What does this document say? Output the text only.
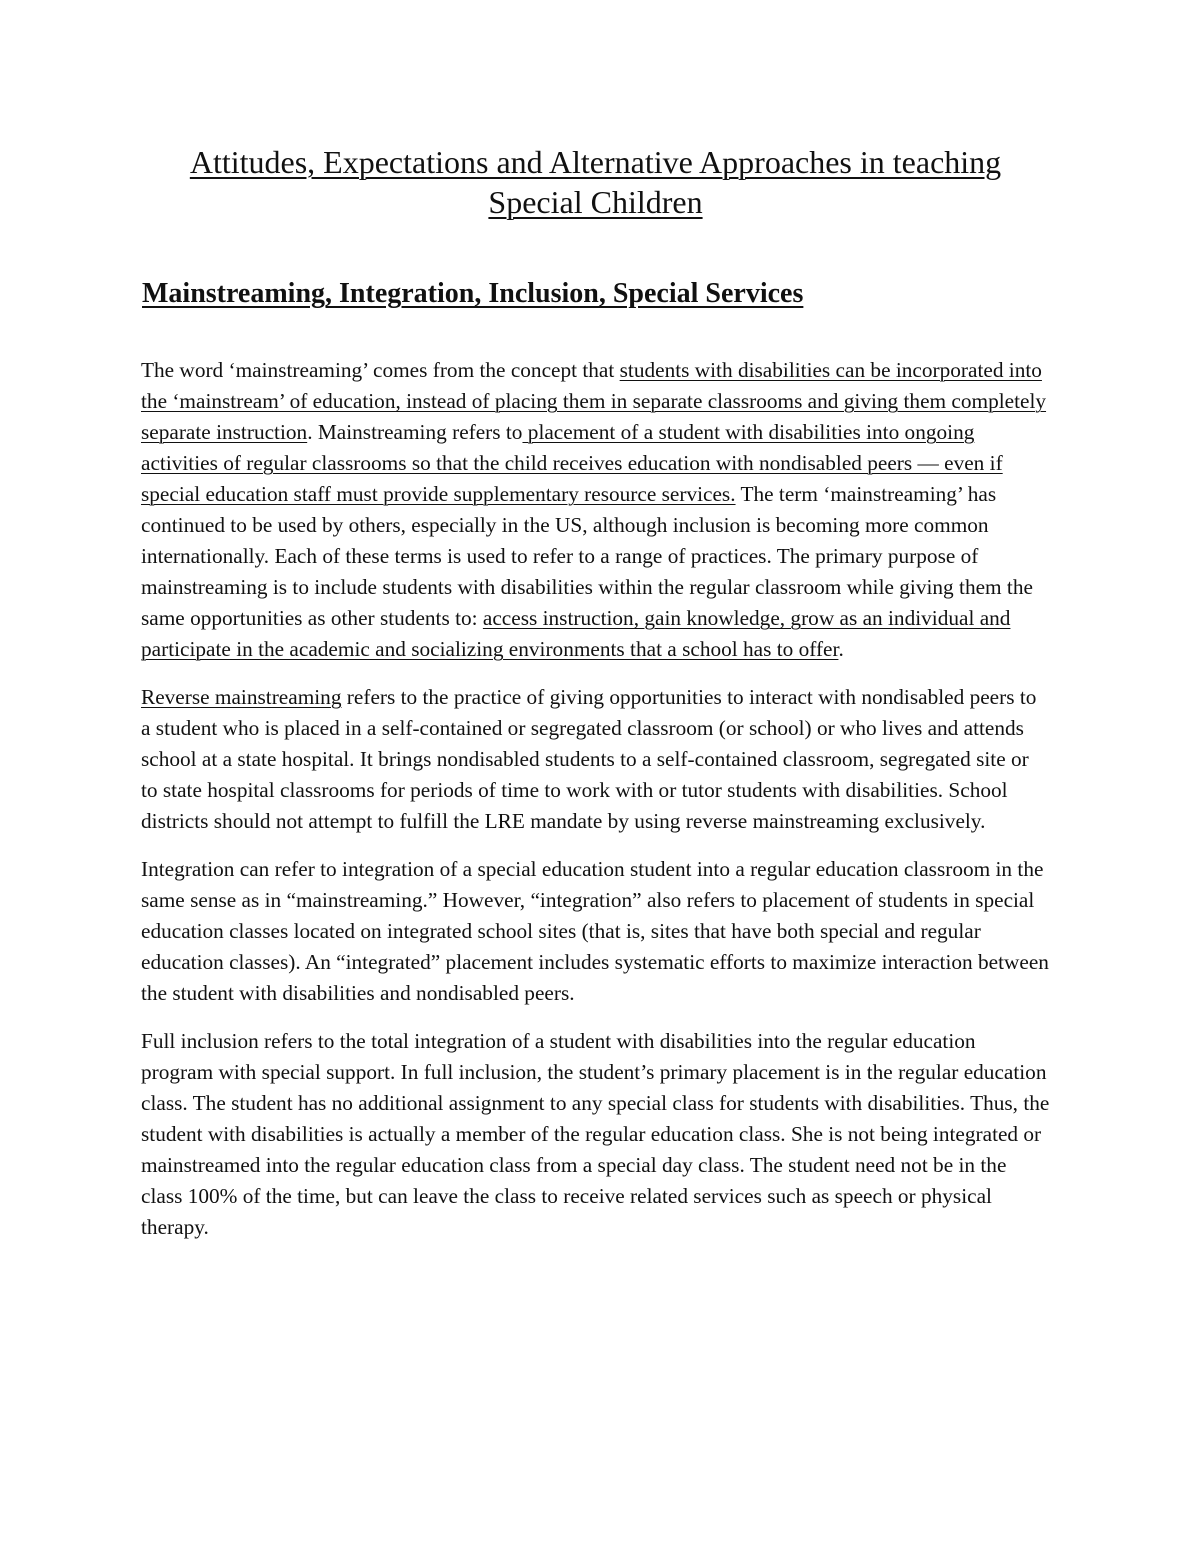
Attitudes, Expectations and Alternative Approaches in teaching
Special Children
Mainstreaming, Integration, Inclusion, Special Services

The word ‘mainstreaming’ comes from the concept that students with disabilities can be incorporated into the ‘mainstream’ of education, instead of placing them in separate classrooms and giving them completely separate instruction. Mainstreaming refers to placement of a student with disabilities into ongoing activities of regular classrooms so that the child receives education with nondisabled peers — even if special education staff must provide supplementary resource services. The term ‘mainstreaming’ has continued to be used by others, especially in the US, although inclusion is becoming more common internationally. Each of these terms is used to refer to a range of practices. The primary purpose of mainstreaming is to include students with disabilities within the regular classroom while giving them the same opportunities as other students to: access instruction, gain knowledge, grow as an individual and participate in the academic and socializing environments that a school has to offer.

Reverse mainstreaming refers to the practice of giving opportunities to interact with nondisabled peers to a student who is placed in a self-contained or segregated classroom (or school) or who lives and attends school at a state hospital. It brings nondisabled students to a self-contained classroom, segregated site or to state hospital classrooms for periods of time to work with or tutor students with disabilities. School districts should not attempt to fulfill the LRE mandate by using reverse mainstreaming exclusively.

Integration can refer to integration of a special education student into a regular education classroom in the same sense as in “mainstreaming.” However, “integration” also refers to placement of students in special education classes located on integrated school sites (that is, sites that have both special and regular education classes). An “integrated” placement includes systematic efforts to maximize interaction between the student with disabilities and nondisabled peers.

Full inclusion refers to the total integration of a student with disabilities into the regular education program with special support. In full inclusion, the student’s primary placement is in the regular education class. The student has no additional assignment to any special class for students with disabilities. Thus, the student with disabilities is actually a member of the regular education class. She is not being integrated or mainstreamed into the regular education class from a special day class. The student need not be in the class 100% of the time, but can leave the class to receive related services such as speech or physical therapy.
